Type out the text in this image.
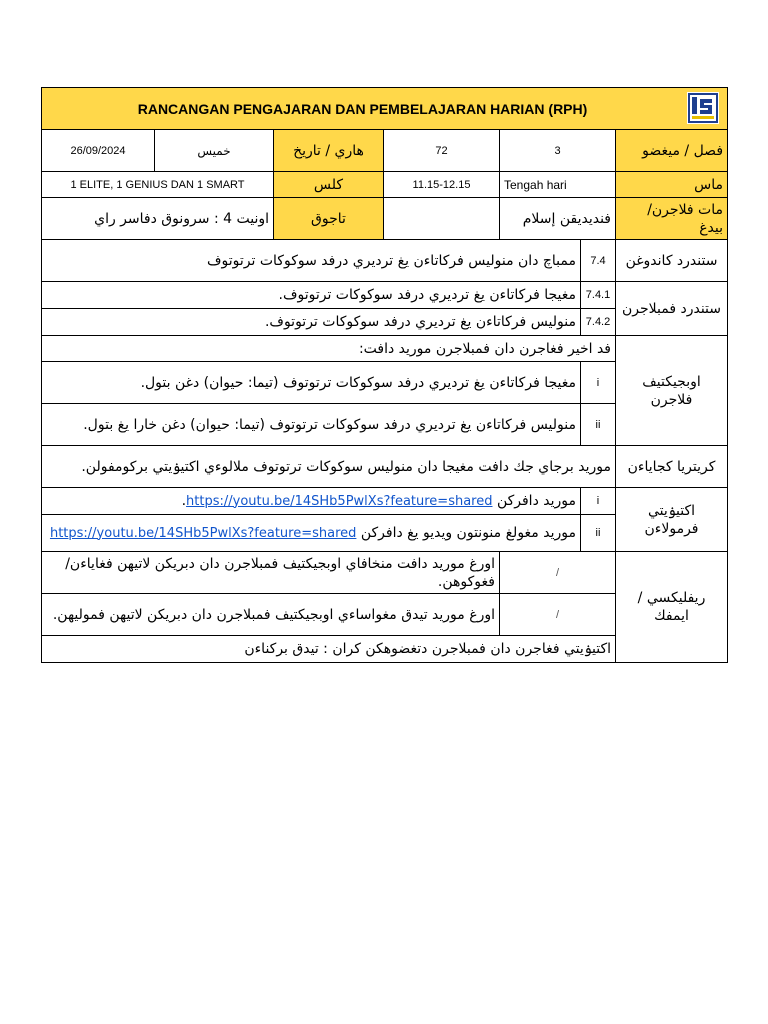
RANCANGAN PENGAJARAN DAN PEMBELAJARAN HARIAN (RPH)						

26/09/2024	خميس	هاري / تاريخ	72	3		فصل / ميغضو
1 ELITE, 1 GENIUS DAN 1 SMART		كلس	11.15-12.15	Tengah hari		ماس
اونيت 4 : سرونوق دفاسر راي		تاجوق		فنديديقن إسلام		مات فلاجرن/ بيدغ
ممباچ دان منوليس فركاتاءن يغ ترديري درفد سوكوكات ترتوتوف					7.4	ستندرد كاندوغن
مغيجا فركاتاءن يغ ترديري درفد سوكوكات ترتوتوف.					7.4.1	ستندرد فمبلاجرن
منوليس فركاتاءن يغ ترديري درفد سوكوكات ترتوتوف.					7.4.2	
فد اخير فغاجرن دان فمبلاجرن موريد دافت:						اوبجيكتيف فلاجرن
مغيجا فركاتاءن يغ ترديري درفد سوكوكات ترتوتوف (تيما: حيوان) دغن بتول.					i	
منوليس فركاتاءن يغ ترديري درفد سوكوكات ترتوتوف (تيما: حيوان) دغن خارا يغ بتول.					ii	
موريد برجاي جك دافت مغيجا دان منوليس سوكوكات ترتوتوف ملالوءي اكتيۏيتي بركومفولن.						كريتريا كجاياءن
موريد دافركن https://youtu.be/14SHb5PwlXs?feature=shared.					i	اكتيۏيتي فرمولاءن
موريد مغولغ منونتون ويديو يغ دافركن https://youtu.be/14SHb5PwlXs?feature=shared					ii	
اورغ موريد دافت منخافاي اوبجيكتيف فمبلاجرن دان دبريكن لاتيهن فغاياءن/فغوكوهن.				/		ريفليكسي / ايمفك
اورغ موريد تيدق مغواساءي اوبجيكتيف فمبلاجرن دان دبريكن لاتيهن فموليهن.				/		
اكتيۏيتي فغاجرن دان فمبلاجرن دتغضوهكن كران : تيدق بركناءن						
